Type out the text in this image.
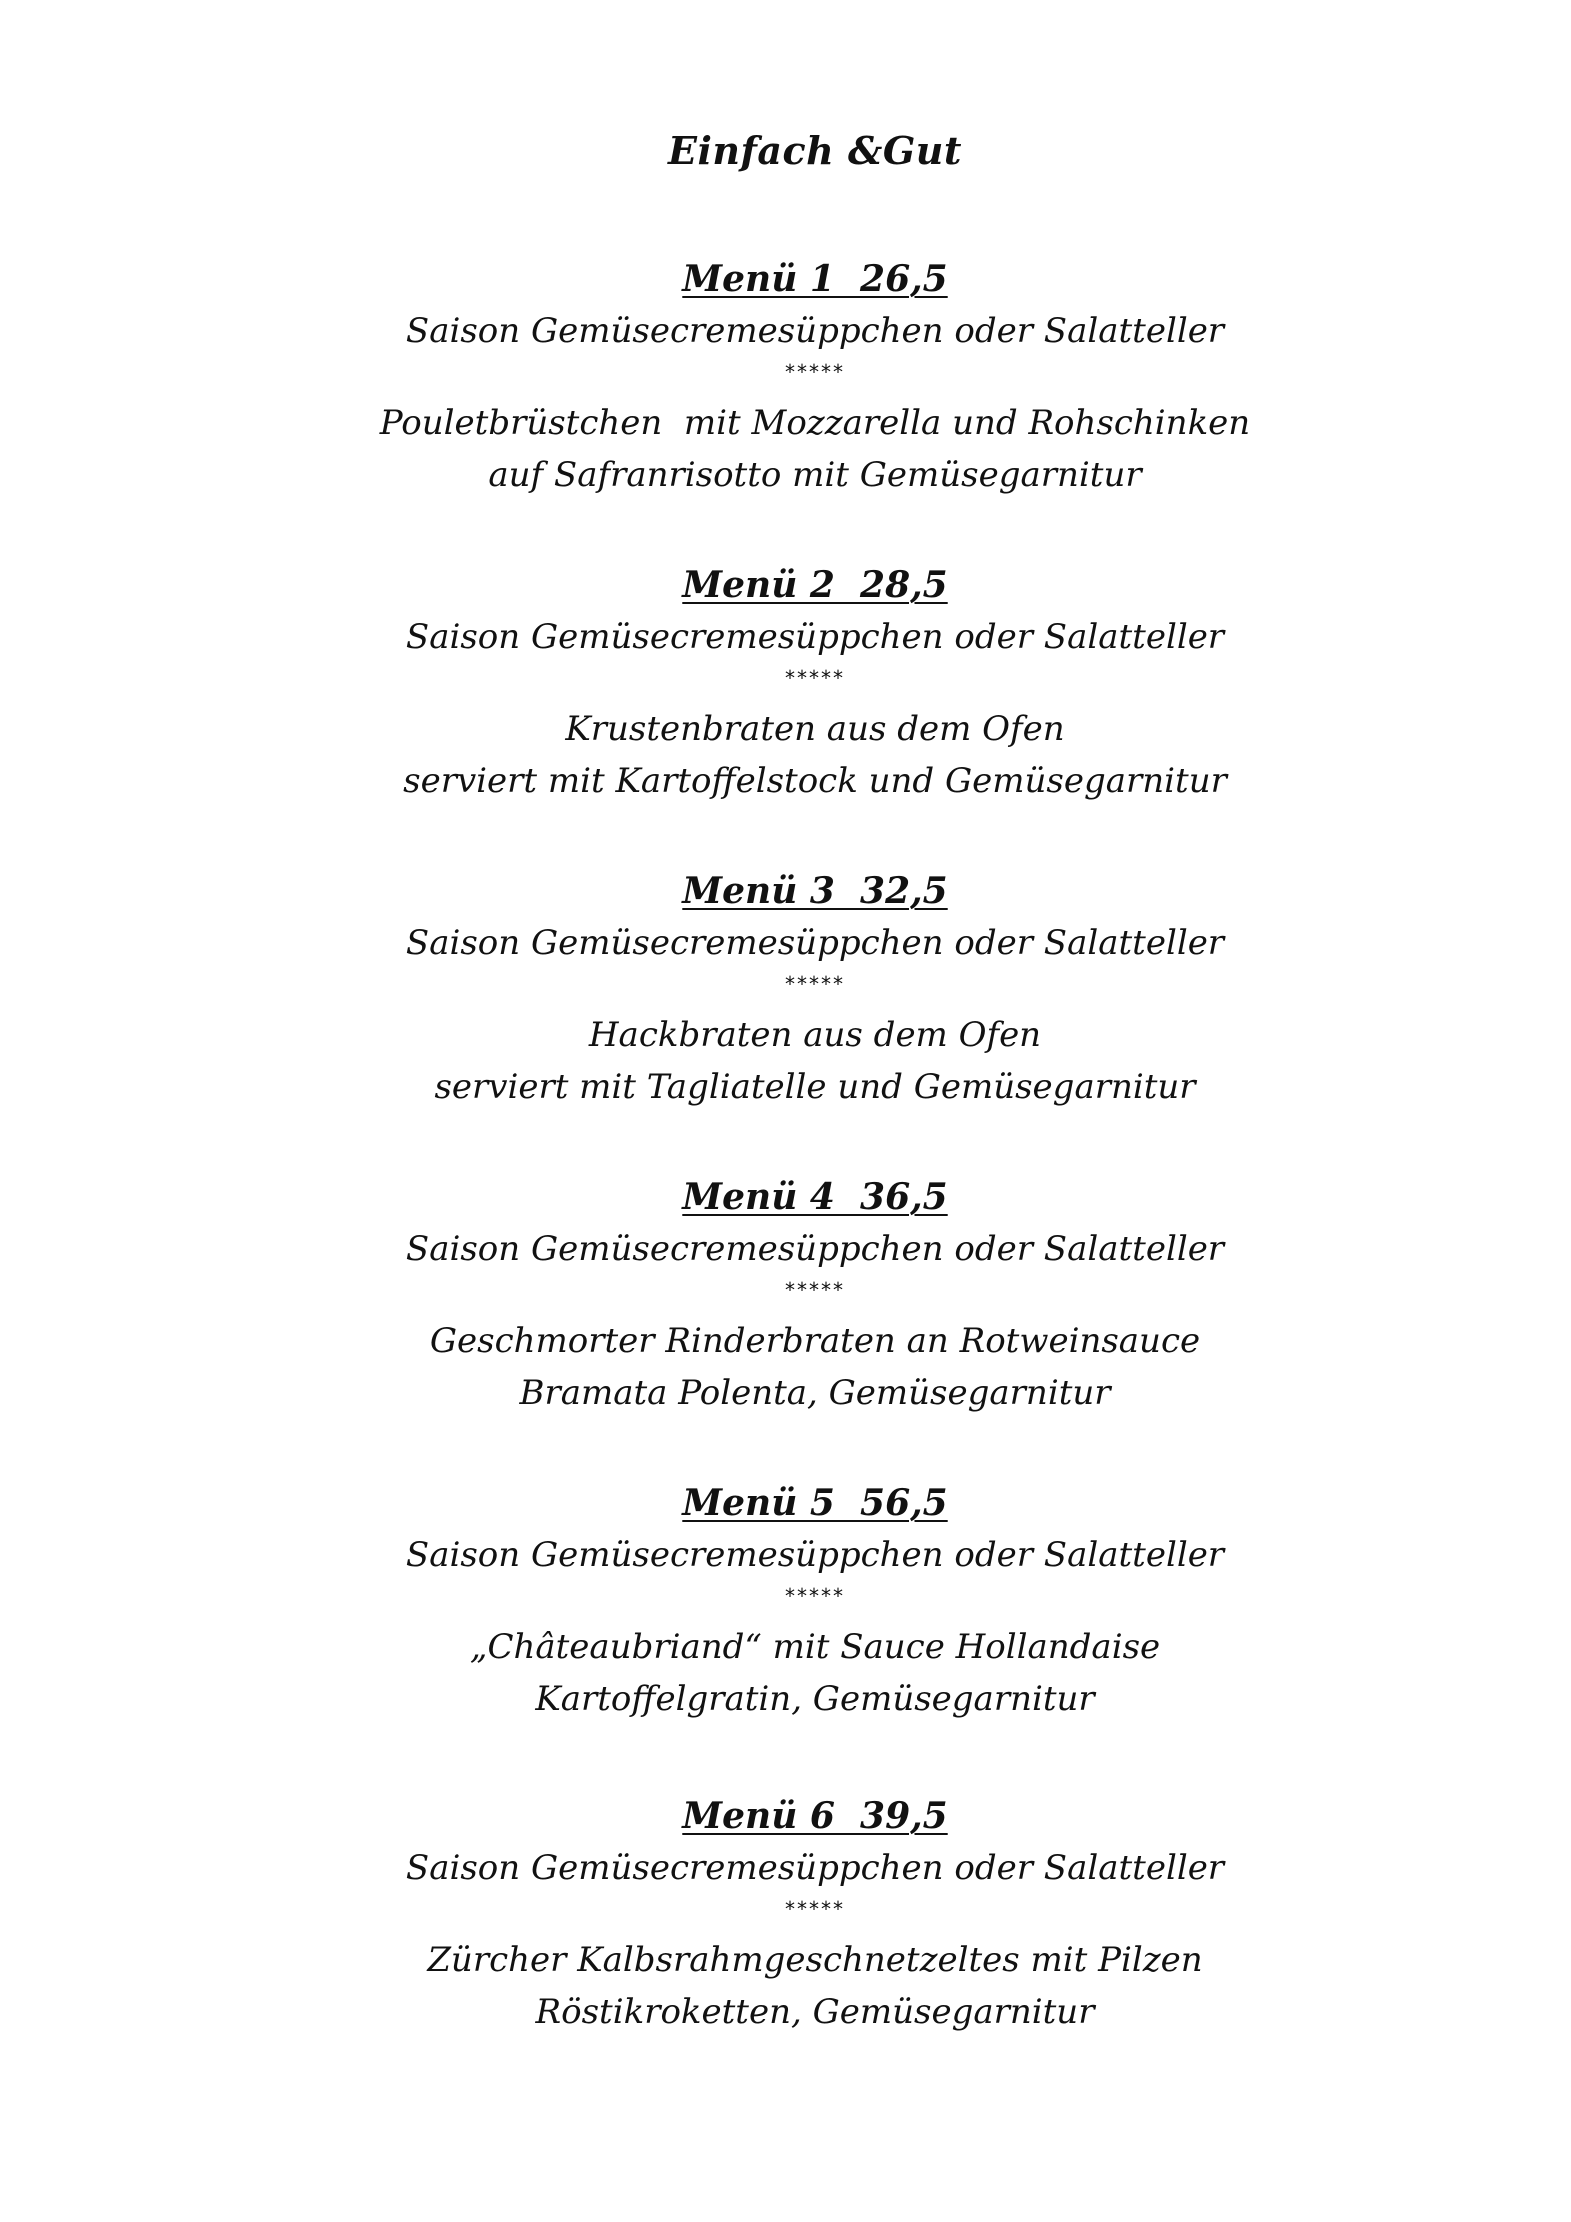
Einfach &Gut
Menü 1  26,5
Saison Gemüsecremesüppchen oder Salatteller
*****
Pouletbrüstchen  mit Mozzarella und Rohschinken
auf Safranrisotto mit Gemüsegarnitur
Menü 2  28,5
Saison Gemüsecremesüppchen oder Salatteller
*****
Krustenbraten aus dem Ofen
serviert mit Kartoffelstock und Gemüsegarnitur
Menü 3  32,5
Saison Gemüsecremesüppchen oder Salatteller
*****
Hackbraten aus dem Ofen
serviert mit Tagliatelle und Gemüsegarnitur
Menü 4  36,5
Saison Gemüsecremesüppchen oder Salatteller
*****
Geschmorter Rinderbraten an Rotweinsauce
Bramata Polenta, Gemüsegarnitur
Menü 5  56,5
Saison Gemüsecremesüppchen oder Salatteller
*****
„Châteaubriand“ mit Sauce Hollandaise
Kartoffelgratin, Gemüsegarnitur
Menü 6  39,5
Saison Gemüsecremesüppchen oder Salatteller
*****
Zürcher Kalbsrahmgeschnetzeltes mit Pilzen
Röstikroketten, Gemüsegarnitur
